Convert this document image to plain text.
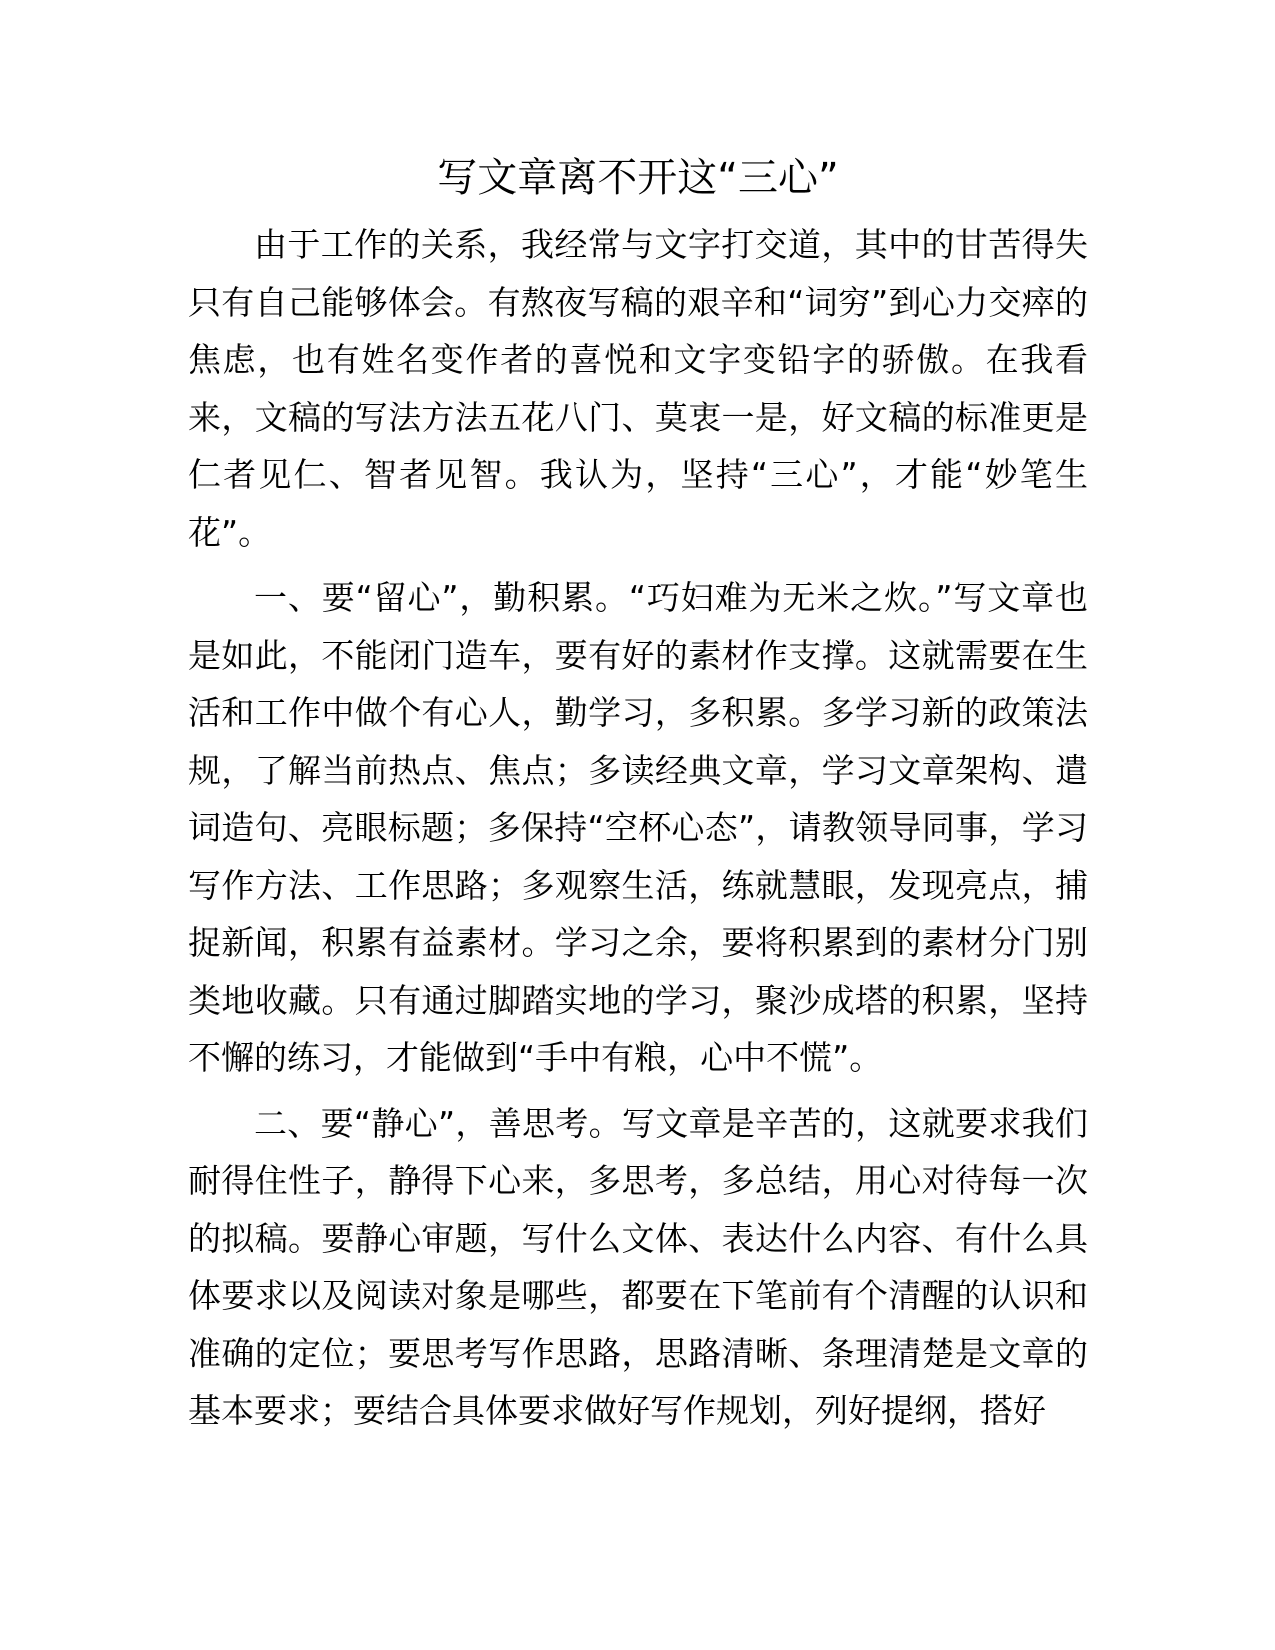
写文章离不开这“三心”

由于工作的关系，我经常与文字打交道，其中的甘苦得失只有自己能够体会。有熬夜写稿的艰辛和“词穷”到心力交瘁的焦虑，也有姓名变作者的喜悦和文字变铅字的骄傲。在我看来，文稿的写法方法五花八门、莫衷一是，好文稿的标准更是仁者见仁、智者见智。我认为，坚持“三心”，才能“妙笔生花”。

一、要“留心”，勤积累。“巧妇难为无米之炊。”写文章也是如此，不能闭门造车，要有好的素材作支撑。这就需要在生活和工作中做个有心人，勤学习，多积累。多学习新的政策法规，了解当前热点、焦点；多读经典文章，学习文章架构、遣词造句、亮眼标题；多保持“空杯心态”，请教领导同事，学习写作方法、工作思路；多观察生活，练就慧眼，发现亮点，捕捉新闻，积累有益素材。学习之余，要将积累到的素材分门别类地收藏。只有通过脚踏实地的学习，聚沙成塔的积累，坚持不懈的练习，才能做到“手中有粮，心中不慌”。

二、要“静心”，善思考。写文章是辛苦的，这就要求我们耐得住性子，静得下心来，多思考，多总结，用心对待每一次的拟稿。要静心审题，写什么文体、表达什么内容、有什么具体要求以及阅读对象是哪些，都要在下笔前有个清醒的认识和准确的定位；要思考写作思路，思路清晰、条理清楚是文章的基本要求；要结合具体要求做好写作规划，列好提纲，搭好
